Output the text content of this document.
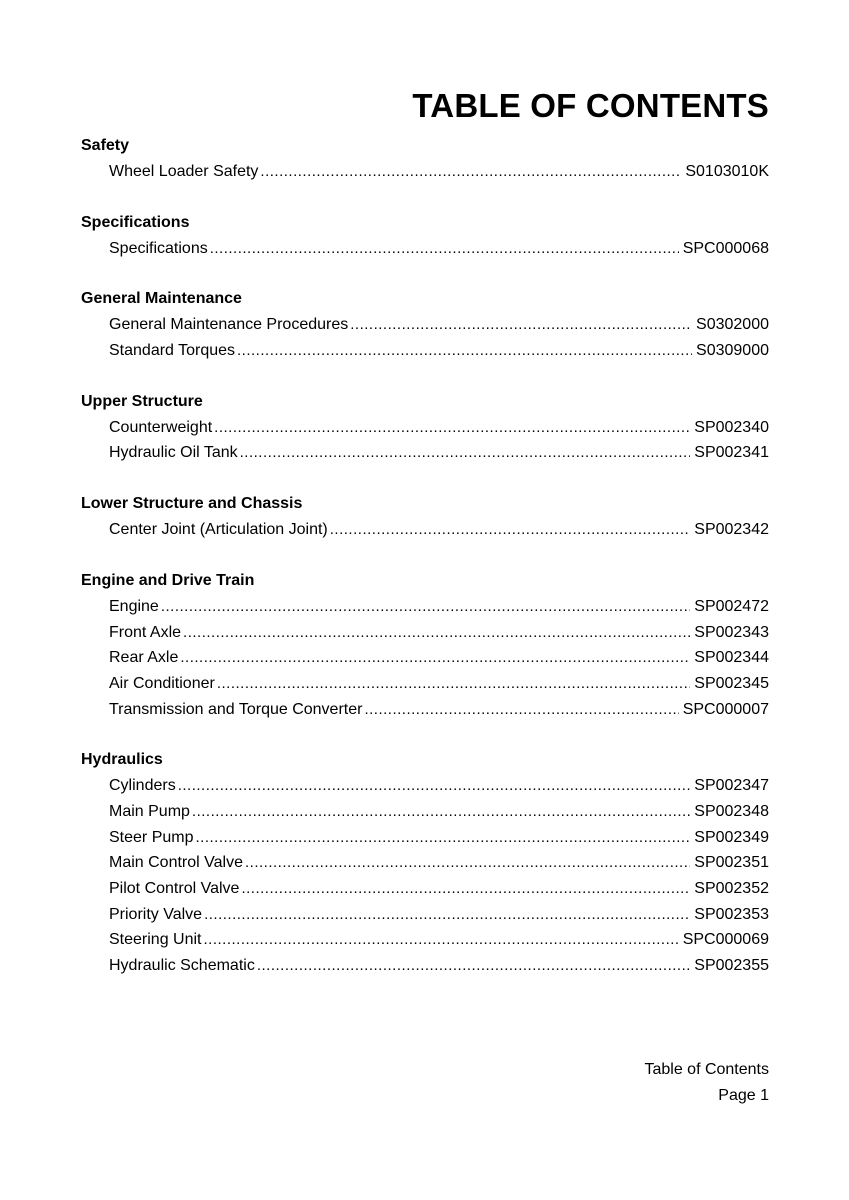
TABLE OF CONTENTS
Safety
Wheel Loader Safety .....	S0103010K
Specifications
Specifications .....	SPC000068
General Maintenance
General Maintenance Procedures .....	S0302000
Standard Torques .....	S0309000
Upper Structure
Counterweight .....	SP002340
Hydraulic Oil Tank .....	SP002341
Lower Structure and Chassis
Center Joint (Articulation Joint) .....	SP002342
Engine and Drive Train
Engine .....	SP002472
Front Axle .....	SP002343
Rear Axle .....	SP002344
Air Conditioner .....	SP002345
Transmission and Torque Converter .....	SPC000007
Hydraulics
Cylinders .....	SP002347
Main Pump .....	SP002348
Steer Pump .....	SP002349
Main Control Valve .....	SP002351
Pilot Control Valve .....	SP002352
Priority Valve .....	SP002353
Steering Unit .....	SPC000069
Hydraulic Schematic .....	SP002355
Table of Contents
Page 1
